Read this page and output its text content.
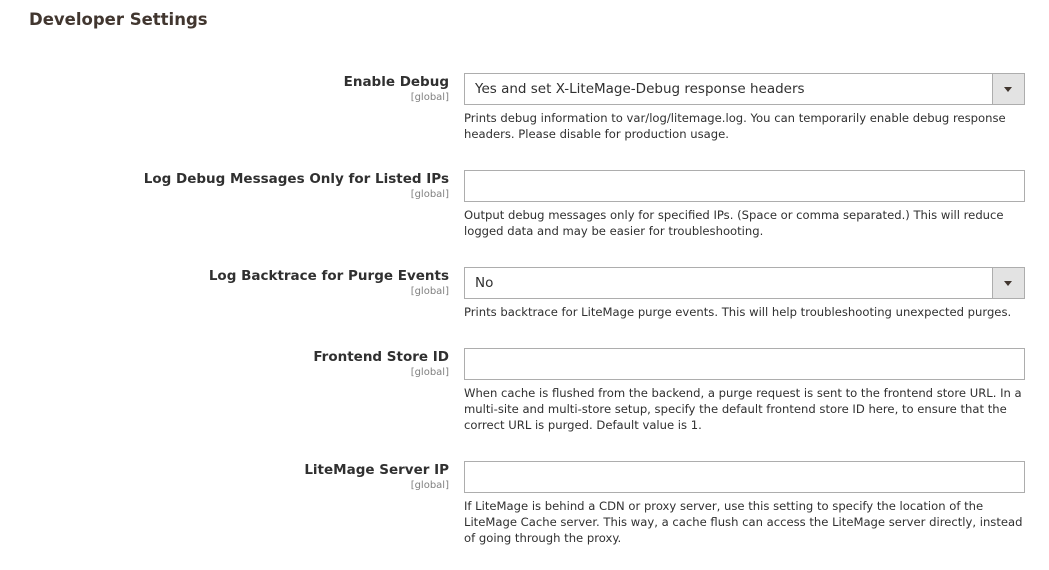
Developer Settings
Enable Debug
[global]
Yes and set X-LiteMage-Debug response headers
Prints debug information to var/log/litemage.log. You can temporarily enable debug response headers. Please disable for production usage.
Log Debug Messages Only for Listed IPs
[global]
Output debug messages only for specified IPs. (Space or comma separated.) This will reduce logged data and may be easier for troubleshooting.
Log Backtrace for Purge Events
[global]
No
Prints backtrace for LiteMage purge events. This will help troubleshooting unexpected purges.
Frontend Store ID
[global]
When cache is flushed from the backend, a purge request is sent to the frontend store URL. In a multi-site and multi-store setup, specify the default frontend store ID here, to ensure that the correct URL is purged. Default value is 1.
LiteMage Server IP
[global]
If LiteMage is behind a CDN or proxy server, use this setting to specify the location of the LiteMage Cache server. This way, a cache flush can access the LiteMage server directly, instead of going through the proxy.
